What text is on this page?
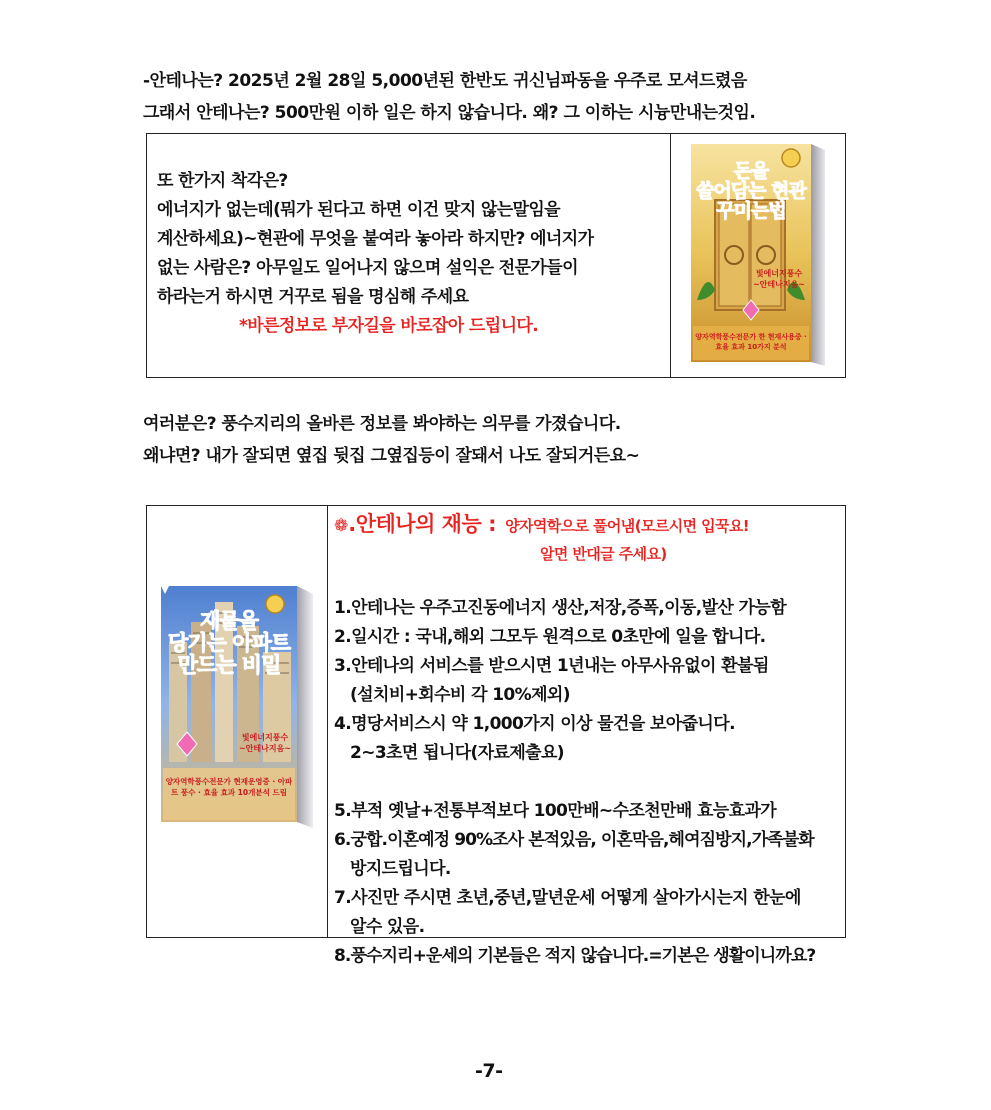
-안테나는? 2025년 2월 28일 5,000년된 한반도 귀신님파동을 우주로 모셔드렸음
그래서 안테나는? 500만원 이하 일은 하지 않습니다. 왜? 그 이하는 시늉만내는것임.
또 한가지 착각은?
에너지가 없는데(뭐가 된다고 하면 이건 맞지 않는말임을
계산하세요)~현관에 무엇을 붙여라 놓아라 하지만? 에너지가
없는 사람은? 아무일도 일어나지 않으며 설익은 전문가들이
하라는거 하시면 거꾸로 됨을 명심해 주세요
*바른정보로 부자길을 바로잡아 드립니다.
돈을
쓸어담는 현관
꾸미는법
빛에너지풍수
~안테나지음~
양자역학풍수전문가 한 현재사용중 · 효율 효과 10가지 분석
여러분은? 풍수지리의 올바른 정보를 봐야하는 의무를 가졌습니다.
왜냐면? 내가 잘되면 옆집 뒷집 그옆집등이 잘돼서 나도 잘되거든요~
재물을
당기는 아파트
만드는 비밀
빛에너지풍수
~안테나지음~
양자역학풍수전문가 현재운영중 · 아파트 풍수 · 효율 효과 10개분석 드림
❁.안테나의 재능 : 양자역학으로 풀어냄(모르시면 입꾹요!
알면 반대글 주세요)
1.안테나는 우주고진동에너지 생산,저장,증폭,이동,발산 가능함
2.일시간 : 국내,해외 그모두 원격으로 0초만에 일을 합니다.
3.안테나의 서비스를 받으시면 1년내는 아무사유없이 환불됨
(설치비+회수비 각 10%제외)
4.명당서비스시 약 1,000가지 이상 물건을 보아줍니다.
2~3초면 됩니다(자료제출요)
5.부적 옛날+전통부적보다 100만배~수조천만배 효능효과가
6.궁합.이혼예정 90%조사 본적있음, 이혼막음,헤여짐방지,가족불화
방지드립니다.
7.사진만 주시면 초년,중년,말년운세 어떻게 살아가시는지 한눈에
알수 있음.
8.풍수지리+운세의 기본들은 적지 않습니다.=기본은 생활이니까요?
-7-
